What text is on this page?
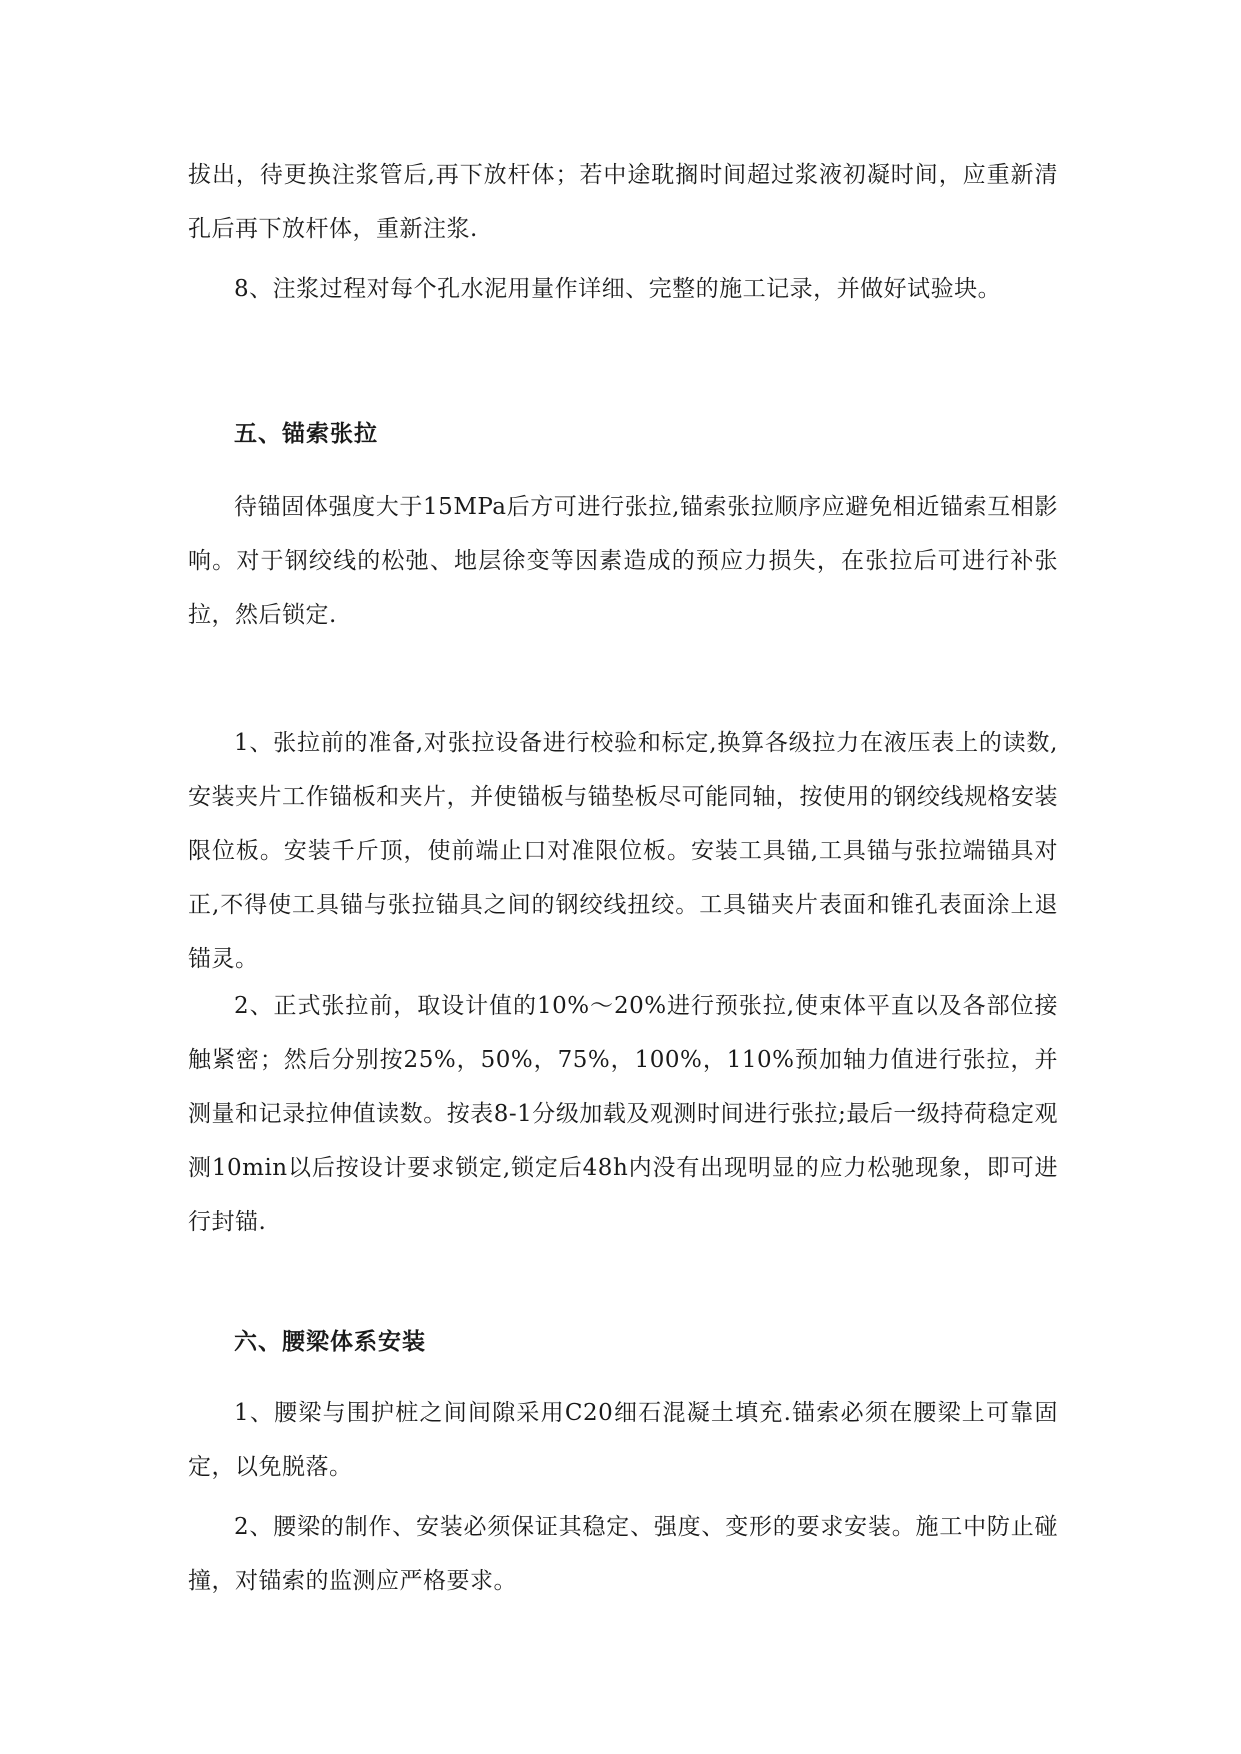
拔出，待更换注浆管后,再下放杆体；若中途耽搁时间超过浆液初凝时间，应重新清孔后再下放杆体，重新注浆.

8、注浆过程对每个孔水泥用量作详细、完整的施工记录，并做好试验块。

五、锚索张拉

待锚固体强度大于15MPa后方可进行张拉,锚索张拉顺序应避免相近锚索互相影响。对于钢绞线的松弛、地层徐变等因素造成的预应力损失，在张拉后可进行补张拉，然后锁定.

1、张拉前的准备,对张拉设备进行校验和标定,换算各级拉力在液压表上的读数,安装夹片工作锚板和夹片，并使锚板与锚垫板尽可能同轴，按使用的钢绞线规格安装限位板。安装千斤顶，使前端止口对准限位板。安装工具锚,工具锚与张拉端锚具对正,不得使工具锚与张拉锚具之间的钢绞线扭绞。工具锚夹片表面和锥孔表面涂上退锚灵。

2、正式张拉前，取设计值的10%～20%进行预张拉,使束体平直以及各部位接触紧密；然后分别按25%，50%，75%，100%，110%预加轴力值进行张拉，并测量和记录拉伸值读数。按表8-1分级加载及观测时间进行张拉;最后一级持荷稳定观测10min以后按设计要求锁定,锁定后48h内没有出现明显的应力松驰现象，即可进行封锚.

六、腰梁体系安装

1、腰梁与围护桩之间间隙采用C20细石混凝土填充.锚索必须在腰梁上可靠固定，以免脱落。

2、腰梁的制作、安装必须保证其稳定、强度、变形的要求安装。施工中防止碰撞，对锚索的监测应严格要求。
